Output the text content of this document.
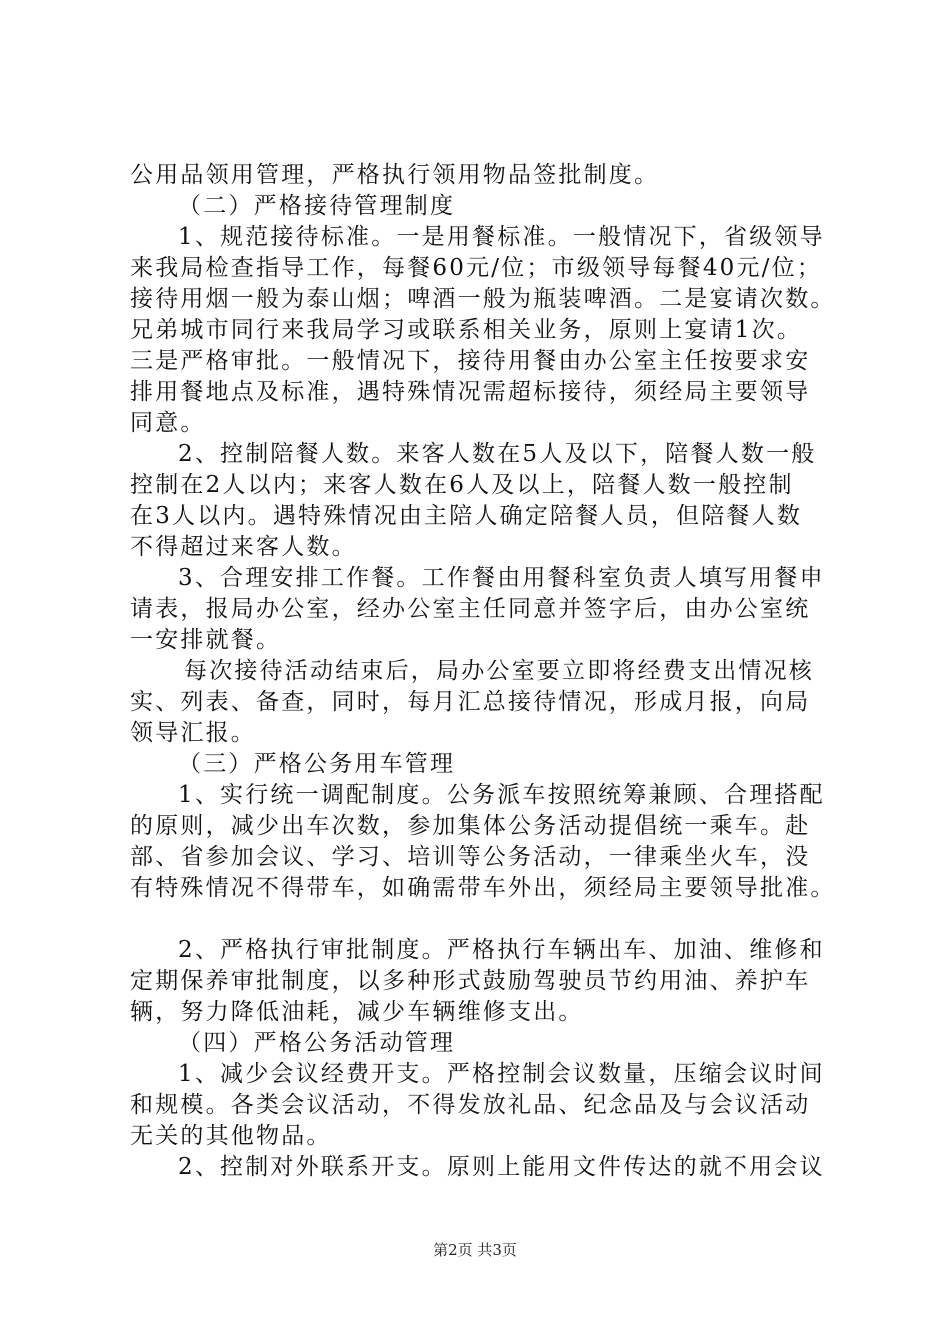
公用品领用管理，严格执行领用物品签批制度。
（二）严格接待管理制度
1、规范接待标准。一是用餐标准。一般情况下，省级领导
来我局检查指导工作，每餐60元/位；市级领导每餐40元/位；
接待用烟一般为泰山烟；啤酒一般为瓶装啤酒。二是宴请次数。
兄弟城市同行来我局学习或联系相关业务，原则上宴请1次。
三是严格审批。一般情况下，接待用餐由办公室主任按要求安
排用餐地点及标准，遇特殊情况需超标接待，须经局主要领导
同意。
2、控制陪餐人数。来客人数在5人及以下，陪餐人数一般
控制在2人以内；来客人数在6人及以上，陪餐人数一般控制
在3人以内。遇特殊情况由主陪人确定陪餐人员，但陪餐人数
不得超过来客人数。
3、合理安排工作餐。工作餐由用餐科室负责人填写用餐申
请表，报局办公室，经办公室主任同意并签字后，由办公室统
一安排就餐。
每次接待活动结束后，局办公室要立即将经费支出情况核
实、列表、备查，同时，每月汇总接待情况，形成月报，向局
领导汇报。
（三）严格公务用车管理
1、实行统一调配制度。公务派车按照统筹兼顾、合理搭配
的原则，减少出车次数，参加集体公务活动提倡统一乘车。赴
部、省参加会议、学习、培训等公务活动，一律乘坐火车，没
有特殊情况不得带车，如确需带车外出，须经局主要领导批准。
2、严格执行审批制度。严格执行车辆出车、加油、维修和
定期保养审批制度，以多种形式鼓励驾驶员节约用油、养护车
辆，努力降低油耗，减少车辆维修支出。
（四）严格公务活动管理
1、减少会议经费开支。严格控制会议数量，压缩会议时间
和规模。各类会议活动，不得发放礼品、纪念品及与会议活动
无关的其他物品。
2、控制对外联系开支。原则上能用文件传达的就不用会议
第2页 共3页
